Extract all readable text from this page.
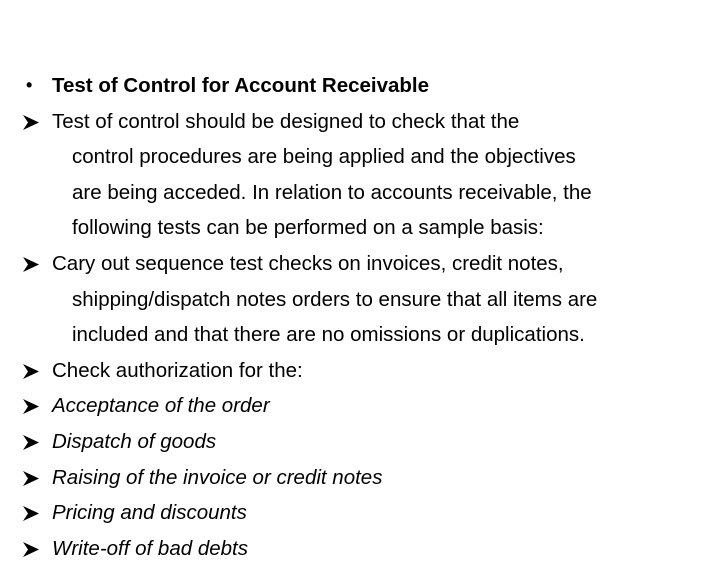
• Test of Control for Account Receivable
Test of control should be designed to check that the
control procedures are being applied and the objectives
are being acceded. In relation to accounts receivable, the
following tests can be performed on a sample basis:
Cary out sequence test checks on invoices, credit notes,
shipping/dispatch notes orders to ensure that all items are
included and that there are no omissions or duplications.
Check authorization for the:
Acceptance of the order
Dispatch of goods
Raising of the invoice or credit notes
Pricing and discounts
Write-off of bad debts
